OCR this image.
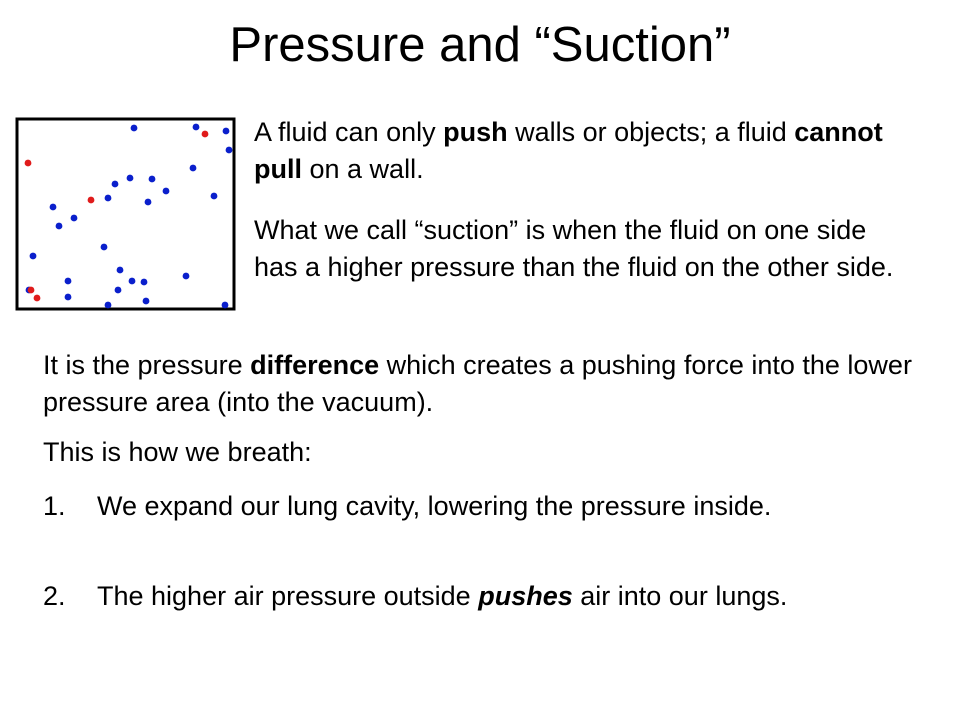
Pressure and “Suction”

A fluid can only push walls or objects; a fluid cannot pull on a wall.

What we call “suction” is when the fluid on one side has a higher pressure than the fluid on the other side.

It is the pressure difference which creates a pushing force into the lower pressure area (into the vacuum).

This is how we breath:

1. We expand our lung cavity, lowering the pressure inside.
2. The higher air pressure outside pushes air into our lungs.
